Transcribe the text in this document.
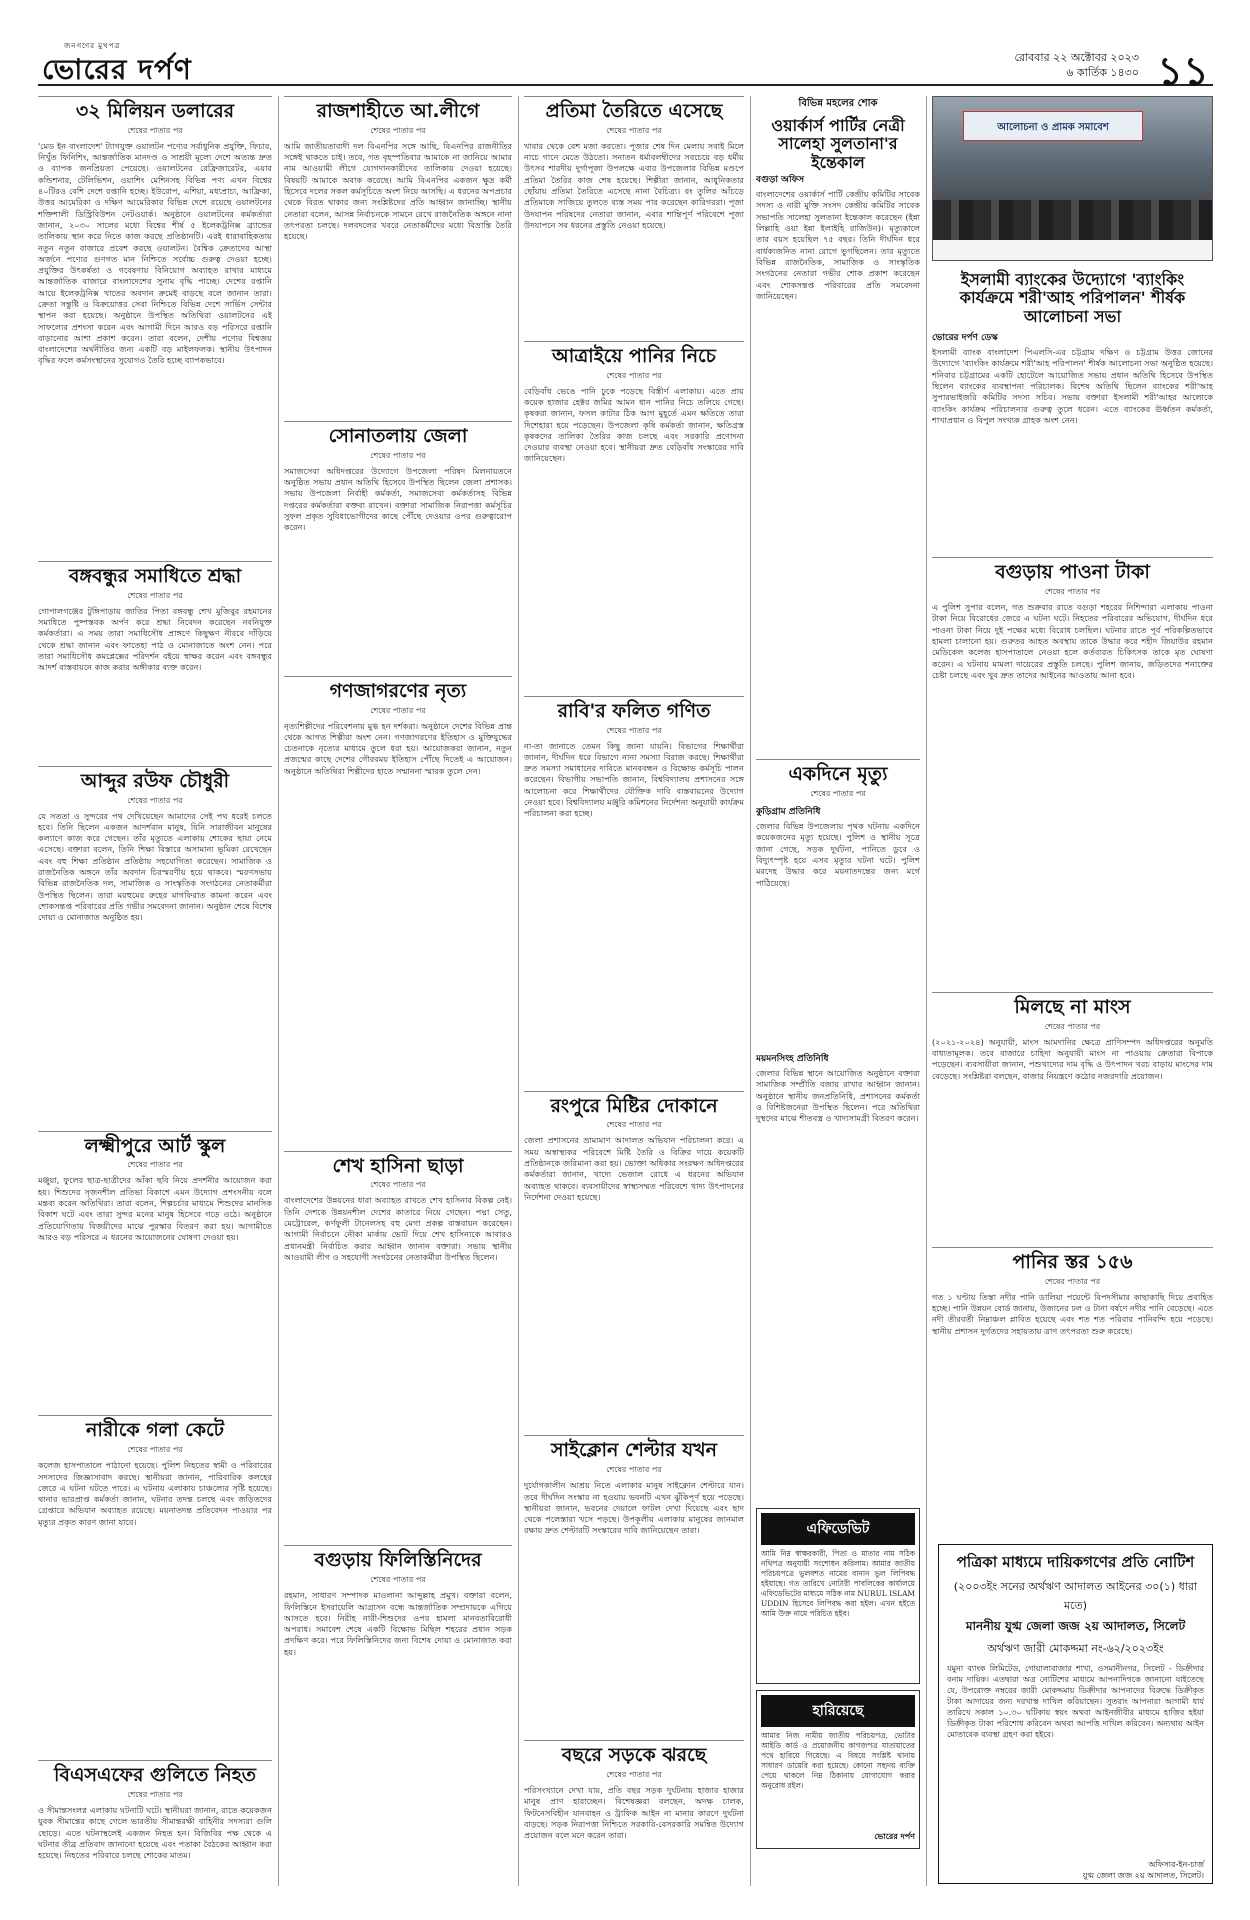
জনগণের মুখপত্র
ভোরের দর্পণ	রোববার ২২ অক্টোবর ২০২৩
৬ কার্তিক ১৪৩০ ১১
৩২ মিলিয়ন ডলারের
শেষের পাতার পর
'মেড ইন বাংলাদেশ' ট্যাগযুক্ত ওয়ালটন পণ্যের সর্বাধুনিক প্রযুক্তি, ফিচার, নিখুঁত ফিনিশিং, আন্তর্জাতিক মানদণ্ড ও সাশ্রয়ী মূল্যে দেশে অত্যন্ত দ্রুত ও ব্যাপক জনপ্রিয়তা পেয়েছে। ওয়ালটনের রেফ্রিজারেটর, এয়ার কন্ডিশনার, টেলিভিশন, ওয়াশিং মেশিনসহ বিভিন্ন পণ্য এখন বিশ্বের ৪০টিরও বেশি দেশে রপ্তানি হচ্ছে। ইউরোপ, এশিয়া, মধ্যপ্রাচ্য, আফ্রিকা, উত্তর আমেরিকা ও দক্ষিণ আমেরিকার বিভিন্ন দেশে রয়েছে ওয়ালটনের শক্তিশালী ডিস্ট্রিবিউশন নেটওয়ার্ক। অনুষ্ঠানে ওয়ালটনের কর্মকর্তারা জানান, ২০৩০ সালের মধ্যে বিশ্বের শীর্ষ ৫ ইলেকট্রনিক্স ব্র্যান্ডের তালিকায় স্থান করে নিতে কাজ করছে প্রতিষ্ঠানটি। এরই ধারাবাহিকতায় নতুন নতুন বাজারে প্রবেশ করছে ওয়ালটন। বৈশ্বিক ক্রেতাদের আস্থা অর্জনে পণ্যের গুণগত মান নিশ্চিতে সর্বোচ্চ গুরুত্ব দেওয়া হচ্ছে। প্রযুক্তির উৎকর্ষতা ও গবেষণায় বিনিয়োগ অব্যাহত রাখার মাধ্যমে আন্তর্জাতিক বাজারে বাংলাদেশের সুনাম বৃদ্ধি পাচ্ছে। দেশের রপ্তানি আয়ে ইলেকট্রনিক্স খাতের অবদান ক্রমেই বাড়ছে বলে জানান তারা। ক্রেতা সন্তুষ্টি ও বিক্রয়োত্তর সেবা নিশ্চিতে বিভিন্ন দেশে সার্ভিস সেন্টার স্থাপন করা হয়েছে। অনুষ্ঠানে উপস্থিত অতিথিরা ওয়ালটনের এই সাফল্যের প্রশংসা করেন এবং আগামী দিনে আরও বড় পরিসরে রপ্তানি বাড়ানোর আশা প্রকাশ করেন। তারা বলেন, দেশীয় পণ্যের বিশ্বজয় বাংলাদেশের অর্থনীতির জন্য একটি বড় মাইলফলক। স্থানীয় উৎপাদন বৃদ্ধির ফলে কর্মসংস্থানের সুযোগও তৈরি হচ্ছে ব্যাপকভাবে।
বঙ্গবন্ধুর সমাধিতে শ্রদ্ধা
শেষের পাতার পর
গোপালগঞ্জের টুঙ্গিপাড়ায় জাতির পিতা বঙ্গবন্ধু শেখ মুজিবুর রহমানের সমাধিতে পুষ্পস্তবক অর্পণ করে শ্রদ্ধা নিবেদন করেছেন নবনিযুক্ত কর্মকর্তারা। এ সময় তারা সমাধিসৌধ প্রাঙ্গণে কিছুক্ষণ নীরবে দাঁড়িয়ে থেকে শ্রদ্ধা জানান এবং ফাতেহা পাঠ ও মোনাজাতে অংশ নেন। পরে তারা সমাধিসৌধ কমপ্লেক্সের পরিদর্শন বইয়ে স্বাক্ষর করেন এবং বঙ্গবন্ধুর আদর্শ বাস্তবায়নে কাজ করার অঙ্গীকার ব্যক্ত করেন।
আব্দুর রউফ চৌধুরী
শেষের পাতার পর
যে সততা ও সুন্দরের পথ দেখিয়েছেন আমাদের সেই পথ ধরেই চলতে হবে। তিনি ছিলেন একজন আদর্শবান মানুষ, যিনি সারাজীবন মানুষের কল্যাণে কাজ করে গেছেন। তাঁর মৃত্যুতে এলাকায় শোকের ছায়া নেমে এসেছে। বক্তারা বলেন, তিনি শিক্ষা বিস্তারে অসামান্য ভূমিকা রেখেছেন এবং বহু শিক্ষা প্রতিষ্ঠান প্রতিষ্ঠায় সহযোগিতা করেছেন। সামাজিক ও রাজনৈতিক অঙ্গনে তাঁর অবদান চিরস্মরণীয় হয়ে থাকবে। স্মরণসভায় বিভিন্ন রাজনৈতিক দল, সামাজিক ও সাংস্কৃতিক সংগঠনের নেতাকর্মীরা উপস্থিত ছিলেন। তারা মরহুমের রুহের মাগফিরাত কামনা করেন এবং শোকসন্তপ্ত পরিবারের প্রতি গভীর সমবেদনা জানান। অনুষ্ঠান শেষে বিশেষ দোয়া ও মোনাজাত অনুষ্ঠিত হয়।
লক্ষ্মীপুরে আর্ট স্কুল
শেষের পাতার পর
মঞ্জুয়া, ফুলের ছাত্র-ছাত্রীদের আঁকা ছবি নিয়ে প্রদর্শনীর আয়োজন করা হয়। শিশুদের সৃজনশীল প্রতিভা বিকাশে এমন উদ্যোগ প্রশংসনীয় বলে মন্তব্য করেন অতিথিরা। তারা বলেন, শিল্পচর্চার মাধ্যমে শিশুদের মানসিক বিকাশ ঘটে এবং তারা সুন্দর মনের মানুষ হিসেবে গড়ে ওঠে। অনুষ্ঠানে প্রতিযোগিতায় বিজয়ীদের মাঝে পুরস্কার বিতরণ করা হয়। আগামীতে আরও বড় পরিসরে এ ধরনের আয়োজনের ঘোষণা দেওয়া হয়।
নারীকে গলা কেটে
শেষের পাতার পর
কলেজ হাসপাতালে পাঠানো হয়েছে। পুলিশ নিহতের স্বামী ও পরিবারের সদস্যদের জিজ্ঞাসাবাদ করছে। স্থানীয়রা জানান, পারিবারিক কলহের জেরে এ ঘটনা ঘটতে পারে। এ ঘটনায় এলাকায় চাঞ্চল্যের সৃষ্টি হয়েছে। থানার ভারপ্রাপ্ত কর্মকর্তা জানান, ঘটনার তদন্ত চলছে এবং জড়িতদের গ্রেপ্তারে অভিযান অব্যাহত রয়েছে। ময়নাতদন্ত প্রতিবেদন পাওয়ার পর মৃত্যুর প্রকৃত কারণ জানা যাবে।
বিএসএফের গুলিতে নিহত
শেষের পাতার পর
ও সীমান্তসংলগ্ন এলাকায় ঘটনাটি ঘটে। স্থানীয়রা জানান, রাতে কয়েকজন যুবক সীমান্তের কাছে গেলে ভারতীয় সীমান্তরক্ষী বাহিনীর সদস্যরা গুলি ছোড়ে। এতে ঘটনাস্থলেই একজন নিহত হন। বিজিবির পক্ষ থেকে এ ঘটনার তীব্র প্রতিবাদ জানানো হয়েছে এবং পতাকা বৈঠকের আহ্বান করা হয়েছে। নিহতের পরিবারে চলছে শোকের মাতম।
রাজশাহীতে আ.লীগে
শেষের পাতার পর
আমি জাতীয়তাবাদী দল বিএনপির সঙ্গে আছি, বিএনপির রাজনীতির সঙ্গেই থাকতে চাই। তবে, গত বৃহস্পতিবার আমাকে না জানিয়ে আমার নাম আওয়ামী লীগে যোগদানকারীদের তালিকায় দেওয়া হয়েছে। বিষয়টি আমাকে অবাক করেছে। আমি বিএনপির একজন ক্ষুদ্র কর্মী হিসেবে দলের সকল কর্মসূচিতে অংশ নিয়ে আসছি। এ ধরনের অপপ্রচার থেকে বিরত থাকার জন্য সংশ্লিষ্টদের প্রতি আহ্বান জানাচ্ছি। স্থানীয় নেতারা বলেন, আসন্ন নির্বাচনকে সামনে রেখে রাজনৈতিক অঙ্গনে নানা তৎপরতা চলছে। দলবদলের খবরে নেতাকর্মীদের মধ্যে বিভ্রান্তি তৈরি হয়েছে।
সোনাতলায় জেলা
শেষের পাতার পর
সমাজসেবা অধিদপ্তরের উদ্যোগে উপজেলা পরিষদ মিলনায়তনে অনুষ্ঠিত সভায় প্রধান অতিথি হিসেবে উপস্থিত ছিলেন জেলা প্রশাসক। সভায় উপজেলা নির্বাহী কর্মকর্তা, সমাজসেবা কর্মকর্তাসহ বিভিন্ন দপ্তরের কর্মকর্তারা বক্তব্য রাখেন। বক্তারা সামাজিক নিরাপত্তা কর্মসূচির সুফল প্রকৃত সুবিধাভোগীদের কাছে পৌঁছে দেওয়ার ওপর গুরুত্বারোপ করেন।
গণজাগরণের নৃত্য
শেষের পাতার পর
নৃত্যশিল্পীদের পরিবেশনায় মুগ্ধ হন দর্শকরা। অনুষ্ঠানে দেশের বিভিন্ন প্রান্ত থেকে আগত শিল্পীরা অংশ নেন। গণজাগরণের ইতিহাস ও মুক্তিযুদ্ধের চেতনাকে নৃত্যের মাধ্যমে তুলে ধরা হয়। আয়োজকরা জানান, নতুন প্রজন্মের কাছে দেশের গৌরবময় ইতিহাস পৌঁছে দিতেই এ আয়োজন। অনুষ্ঠানে অতিথিরা শিল্পীদের হাতে সম্মাননা স্মারক তুলে দেন।
শেখ হাসিনা ছাড়া
শেষের পাতার পর
বাংলাদেশের উন্নয়নের ধারা অব্যাহত রাখতে শেখ হাসিনার বিকল্প নেই। তিনি দেশকে উন্নয়নশীল দেশের কাতারে নিয়ে গেছেন। পদ্মা সেতু, মেট্রোরেল, কর্ণফুলী টানেলসহ বহু মেগা প্রকল্প বাস্তবায়ন করেছেন। আগামী নির্বাচনে নৌকা মার্কায় ভোট দিয়ে শেখ হাসিনাকে আবারও প্রধানমন্ত্রী নির্বাচিত করার আহ্বান জানান বক্তারা। সভায় স্থানীয় আওয়ামী লীগ ও সহযোগী সংগঠনের নেতাকর্মীরা উপস্থিত ছিলেন।
বগুড়ায় ফিলিস্তিনিদের
শেষের পাতার পর
রহমান, সাধারণ সম্পাদক মাওলানা আব্দুল্লাহ প্রমুখ। বক্তারা বলেন, ফিলিস্তিনে ইসরায়েলি আগ্রাসন বন্ধে আন্তর্জাতিক সম্প্রদায়কে এগিয়ে আসতে হবে। নিরীহ নারী-শিশুদের ওপর হামলা মানবতাবিরোধী অপরাধ। সমাবেশ শেষে একটি বিক্ষোভ মিছিল শহরের প্রধান সড়ক প্রদক্ষিণ করে। পরে ফিলিস্তিনিদের জন্য বিশেষ দোয়া ও মোনাজাত করা হয়।
প্রতিমা তৈরিতে এসেছে
শেষের পাতার পর
খাবার থেকে বেশ মজা করতো। পূজার শেষ দিন মেলায় সবাই মিলে নাচে গানে মেতে উঠতো। সনাতন ধর্মাবলম্বীদের সবচেয়ে বড় ধর্মীয় উৎসব শারদীয় দুর্গাপূজা উপলক্ষে এবার উপজেলার বিভিন্ন মণ্ডপে প্রতিমা তৈরির কাজ শেষ হয়েছে। শিল্পীরা জানান, আধুনিকতার ছোঁয়ায় প্রতিমা তৈরিতে এসেছে নানা বৈচিত্র্য। রং তুলির আঁচড়ে প্রতিমাকে সাজিয়ে তুলতে ব্যস্ত সময় পার করেছেন কারিগররা। পূজা উদযাপন পরিষদের নেতারা জানান, এবার শান্তিপূর্ণ পরিবেশে পূজা উদযাপনে সব ধরনের প্রস্তুতি নেওয়া হয়েছে।
আত্রাইয়ে পানির নিচে
শেষের পাতার পর
বেড়িবাঁধ ভেঙে পানি ঢুকে পড়েছে বিস্তীর্ণ এলাকায়। এতে প্রায় কয়েক হাজার হেক্টর জমির আমন ধান পানির নিচে তলিয়ে গেছে। কৃষকরা জানান, ফসল কাটার ঠিক আগ মুহূর্তে এমন ক্ষতিতে তারা দিশেহারা হয়ে পড়েছেন। উপজেলা কৃষি কর্মকর্তা জানান, ক্ষতিগ্রস্ত কৃষকদের তালিকা তৈরির কাজ চলছে এবং সরকারি প্রণোদনা দেওয়ার ব্যবস্থা নেওয়া হবে। স্থানীয়রা দ্রুত বেড়িবাঁধ সংস্কারের দাবি জানিয়েছেন।
রাবি'র ফলিত গণিত
শেষের পাতার পর
না-তা জানাতে তেমন কিছু জানা যায়নি। বিভাগের শিক্ষার্থীরা জানান, দীর্ঘদিন ধরে বিভাগে নানা সমস্যা বিরাজ করছে। শিক্ষার্থীরা দ্রুত সমস্যা সমাধানের দাবিতে মানববন্ধন ও বিক্ষোভ কর্মসূচি পালন করেছেন। বিভাগীয় সভাপতি জানান, বিশ্ববিদ্যালয় প্রশাসনের সঙ্গে আলোচনা করে শিক্ষার্থীদের যৌক্তিক দাবি বাস্তবায়নের উদ্যোগ নেওয়া হবে। বিশ্ববিদ্যালয় মঞ্জুরি কমিশনের নির্দেশনা অনুযায়ী কার্যক্রম পরিচালনা করা হচ্ছে।
রংপুরে মিষ্টির দোকানে
শেষের পাতার পর
জেলা প্রশাসনের ভ্রাম্যমাণ আদালত অভিযান পরিচালনা করে। এ সময় অস্বাস্থ্যকর পরিবেশে মিষ্টি তৈরি ও বিক্রির দায়ে কয়েকটি প্রতিষ্ঠানকে জরিমানা করা হয়। ভোক্তা অধিকার সংরক্ষণ অধিদপ্তরের কর্মকর্তারা জানান, খাদ্যে ভেজাল রোধে এ ধরনের অভিযান অব্যাহত থাকবে। ব্যবসায়ীদের স্বাস্থ্যসম্মত পরিবেশে খাদ্য উৎপাদনের নির্দেশনা দেওয়া হয়েছে।
সাইক্লোন শেল্টার যখন
শেষের পাতার পর
দুর্যোগকালীন আশ্রয় নিতে এলাকার মানুষ সাইক্লোন শেল্টারে যান। তবে দীর্ঘদিন সংস্কার না হওয়ায় ভবনটি এখন ঝুঁকিপূর্ণ হয়ে পড়েছে। স্থানীয়রা জানান, ভবনের দেয়ালে ফাটল দেখা দিয়েছে এবং ছাদ থেকে পলেস্তারা খসে পড়ছে। উপকূলীয় এলাকার মানুষের জানমাল রক্ষায় দ্রুত শেল্টারটি সংস্কারের দাবি জানিয়েছেন তারা।
বছরে সড়কে ঝরছে
শেষের পাতার পর
পরিসংখ্যানে দেখা যায়, প্রতি বছর সড়ক দুর্ঘটনায় হাজার হাজার মানুষ প্রাণ হারাচ্ছেন। বিশেষজ্ঞরা বলছেন, অদক্ষ চালক, ফিটনেসবিহীন যানবাহন ও ট্রাফিক আইন না মানার কারণে দুর্ঘটনা বাড়ছে। সড়ক নিরাপত্তা নিশ্চিতে সরকারি-বেসরকারি সমন্বিত উদ্যোগ প্রয়োজন বলে মনে করেন তারা।
বিভিন্ন মহলের শোক
ওয়ার্কার্স পার্টির নেত্রী সালেহা সুলতানা'র ইন্তেকাল
বগুড়া অফিস
বাংলাদেশের ওয়ার্কার্স পার্টি কেন্দ্রীয় কমিটির সাবেক সদস্য ও নারী মুক্তি সংসদ কেন্দ্রীয় কমিটির সাবেক সভাপতি সালেহা সুলতানা ইন্তেকাল করেছেন (ইন্না লিল্লাহি ওয়া ইন্না ইলাইহি রাজিউন)। মৃত্যুকালে তার বয়স হয়েছিল ৭৫ বছর। তিনি দীর্ঘদিন ধরে বার্ধক্যজনিত নানা রোগে ভুগছিলেন। তার মৃত্যুতে বিভিন্ন রাজনৈতিক, সামাজিক ও সাংস্কৃতিক সংগঠনের নেতারা গভীর শোক প্রকাশ করেছেন এবং শোকসন্তপ্ত পরিবারের প্রতি সমবেদনা জানিয়েছেন।
একদিনে মৃত্যু
শেষের পাতার পর
কুড়িগ্রাম প্রতিনিধি
জেলার বিভিন্ন উপজেলায় পৃথক ঘটনায় একদিনে কয়েকজনের মৃত্যু হয়েছে। পুলিশ ও স্থানীয় সূত্রে জানা গেছে, সড়ক দুর্ঘটনা, পানিতে ডুবে ও বিদ্যুৎস্পৃষ্ট হয়ে এসব মৃত্যুর ঘটনা ঘটে। পুলিশ মরদেহ উদ্ধার করে ময়নাতদন্তের জন্য মর্গে পাঠিয়েছে।
ময়মনসিংহ প্রতিনিধি
জেলার বিভিন্ন স্থানে আয়োজিত অনুষ্ঠানে বক্তারা সামাজিক সম্প্রীতি বজায় রাখার আহ্বান জানান। অনুষ্ঠানে স্থানীয় জনপ্রতিনিধি, প্রশাসনের কর্মকর্তা ও বিশিষ্টজনেরা উপস্থিত ছিলেন। পরে অতিথিরা দুস্থদের মাঝে শীতবস্ত্র ও খাদ্যসামগ্রী বিতরণ করেন।
এফিডেভিট
আমি নিম্ন স্বাক্ষরকারী, পিতা ও মাতার নাম সঠিক নথিপত্র অনুযায়ী সংশোধন করিলাম। আমার জাতীয় পরিচয়পত্রে ভুলবশত নামের বানান ভুল লিপিবদ্ধ হইয়াছে। গত তারিখে নোটারী পাবলিকের কার্যালয়ে এফিডেভিটের মাধ্যমে সঠিক নাম NURUL ISLAM UDDIN হিসেবে লিপিবদ্ধ করা হইল। এখন হইতে আমি উক্ত নামে পরিচিত হইব।
হারিয়েছে
আমার নিজ নামীয় জাতীয় পরিচয়পত্র, ভোটার আইডি কার্ড ও প্রয়োজনীয় কাগজপত্র যাতায়াতের পথে হারিয়ে গিয়েছে। এ বিষয়ে সংশ্লিষ্ট থানায় সাধারণ ডায়েরি করা হয়েছে। কোনো সহৃদয় ব্যক্তি পেয়ে থাকলে নিম্ন ঠিকানায় যোগাযোগ করার অনুরোধ রইল।
ভোরের দর্পণ
আলোচনা ও প্রামক সমাবেশ
ইসলামী ব্যাংকের উদ্যোগে 'ব্যাংকিং কার্যক্রমে শরী'আহ পরিপালন' শীর্ষক আলোচনা সভা
ভোরের দর্পণ ডেস্ক
ইসলামী ব্যাংক বাংলাদেশ পিএলসি-এর চট্টগ্রাম দক্ষিণ ও চট্টগ্রাম উত্তর জোনের উদ্যোগে 'ব্যাংকিং কার্যক্রমে শরী'আহ পরিপালন' শীর্ষক আলোচনা সভা অনুষ্ঠিত হয়েছে। শনিবার চট্টগ্রামের একটি হোটেলে আয়োজিত সভায় প্রধান অতিথি হিসেবে উপস্থিত ছিলেন ব্যাংকের ব্যবস্থাপনা পরিচালক। বিশেষ অতিথি ছিলেন ব্যাংকের শরী'আহ সুপারভাইজরি কমিটির সদস্য সচিব। সভায় বক্তারা ইসলামী শরী'আহর আলোকে ব্যাংকিং কার্যক্রম পরিচালনার গুরুত্ব তুলে ধরেন। এতে ব্যাংকের ঊর্ধ্বতন কর্মকর্তা, শাখাপ্রধান ও বিপুল সংখ্যক গ্রাহক অংশ নেন।
বগুড়ায় পাওনা টাকা
শেষের পাতার পর
এ পুলিশ সুপার বলেন, গত শুক্রবার রাতে বগুড়া শহরের নিশিন্দারা এলাকায় পাওনা টাকা নিয়ে বিরোধের জেরে এ ঘটনা ঘটে। নিহতের পরিবারের অভিযোগ, দীর্ঘদিন ধরে পাওনা টাকা নিয়ে দুই পক্ষের মধ্যে বিরোধ চলছিল। ঘটনার রাতে পূর্ব পরিকল্পিতভাবে হামলা চালানো হয়। গুরুতর আহত অবস্থায় তাকে উদ্ধার করে শহীদ জিয়াউর রহমান মেডিকেল কলেজ হাসপাতালে নেওয়া হলে কর্তব্যরত চিকিৎসক তাকে মৃত ঘোষণা করেন। এ ঘটনায় মামলা দায়েরের প্রস্তুতি চলছে। পুলিশ জানায়, জড়িতদের শনাক্তের চেষ্টা চলছে এবং খুব দ্রুত তাদের আইনের আওতায় আনা হবে।
মিলছে না মাংস
শেষের পাতার পর
(২০২১-২০২৪) অনুযায়ী, মাংস আমদানির ক্ষেত্রে প্রাণিসম্পদ অধিদপ্তরের অনুমতি বাধ্যতামূলক। তবে বাজারে চাহিদা অনুযায়ী মাংস না পাওয়ায় ক্রেতারা বিপাকে পড়েছেন। ব্যবসায়ীরা জানান, পশুখাদ্যের দাম বৃদ্ধি ও উৎপাদন খরচ বাড়ায় মাংসের দাম বেড়েছে। সংশ্লিষ্টরা বলছেন, বাজার নিয়ন্ত্রণে কঠোর নজরদারি প্রয়োজন।
পানির স্তর ১৫৬
শেষের পাতার পর
গত ১ ঘণ্টায় তিস্তা নদীর পানি ডালিয়া পয়েন্টে বিপদসীমার কাছাকাছি দিয়ে প্রবাহিত হচ্ছে। পানি উন্নয়ন বোর্ড জানায়, উজানের ঢল ও টানা বর্ষণে নদীর পানি বেড়েছে। এতে নদী তীরবর্তী নিম্নাঞ্চল প্লাবিত হয়েছে এবং শত শত পরিবার পানিবন্দি হয়ে পড়েছে। স্থানীয় প্রশাসন দুর্গতদের সহায়তায় ত্রাণ তৎপরতা শুরু করেছে।
পত্রিকা মাধ্যমে দায়িকগণের প্রতি নোটিশ
(২০০৩ইং সনের অর্থঋণ আদালত আইনের ৩০(১) ধারা মতে)
মাননীয় যুগ্ম জেলা জজ ২য় আদালত, সিলেট
অর্থঋণ জারী মোকদ্দমা নং-৬২/২০২৩ইং
যমুনা ব্যাংক লিমিটেড, গোয়ালাবাজার শাখা, ওসমানীনগর, সিলেট - ডিক্রীদার বনাম দায়িক। এতদ্বারা অত্র নোটিশের মাধ্যমে আপনাদিগকে জানানো যাইতেছে যে, উপরোক্ত নম্বরের জারী মোকদ্দমায় ডিক্রীদার আপনাদের বিরুদ্ধে ডিক্রীকৃত টাকা আদায়ের জন্য দরখাস্ত দাখিল করিয়াছেন। সুতরাং আপনারা আগামী ধার্য তারিখে সকাল ১০.৩০ ঘটিকায় স্বয়ং অথবা আইনজীবীর মাধ্যমে হাজির হইয়া ডিক্রীকৃত টাকা পরিশোধ করিবেন অথবা আপত্তি দাখিল করিবেন। অন্যথায় আইন মোতাবেক ব্যবস্থা গ্রহণ করা হইবে।
অফিসার-ইন-চার্জ
যুগ্ম জেলা জজ ২য় আদালত, সিলেট।
